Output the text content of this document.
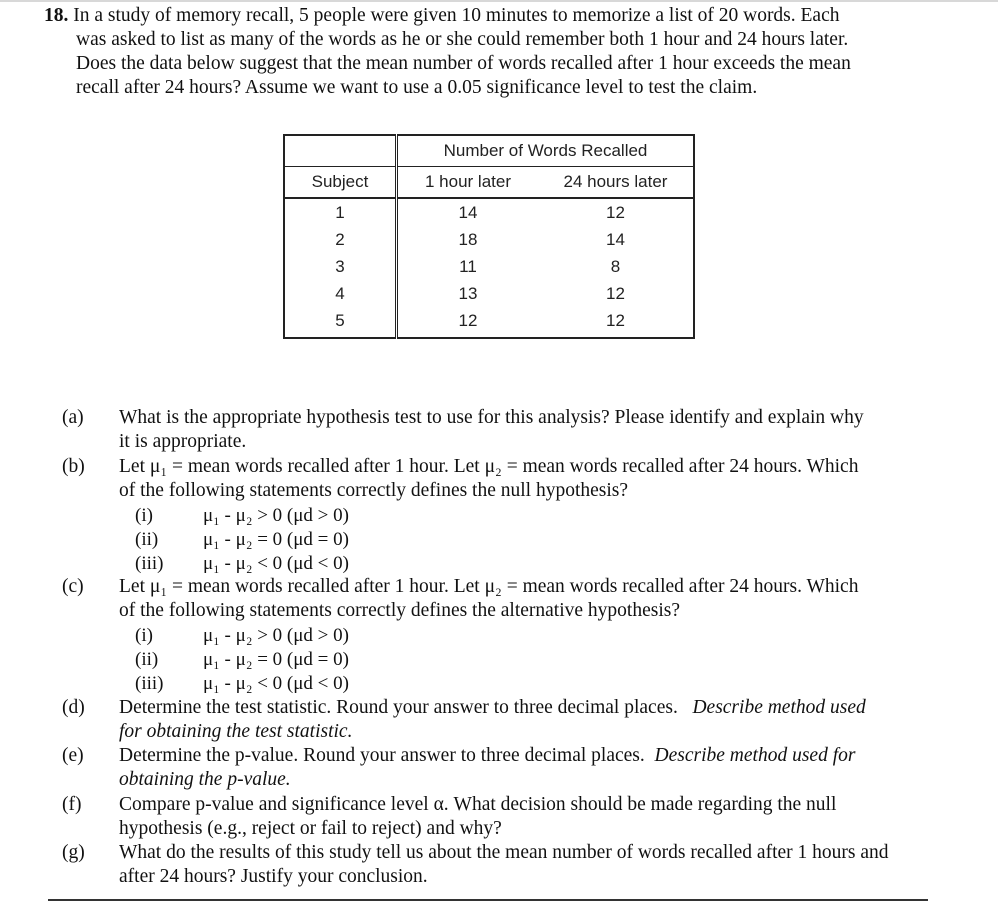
18. In a study of memory recall, 5 people were given 10 minutes to memorize a list of 20 words. Each
was asked to list as many of the words as he or she could remember both 1 hour and 24 hours later.
Does the data below suggest that the mean number of words recalled after 1 hour exceeds the mean
recall after 24 hours? Assume we want to use a 0.05 significance level to test the claim.
	Number of Words Recalled	
Subject	1 hour later	24 hours later
1	14	12
2	18	14
3	11	8
4	13	12
5	12	12
(a) What is the appropriate hypothesis test to use for this analysis? Please identify and explain why
it is appropriate.
(b) Let μ₁ = mean words recalled after 1 hour. Let μ₂ = mean words recalled after 24 hours. Which
of the following statements correctly defines the null hypothesis?
(i)	μ₁ - μ₂ > 0 (μd > 0)
(ii) μ₁ - μ₂ = 0 (μd = 0)
(iii) μ₁ - μ₂ < 0 (μd < 0)
(c) Let μ₁ = mean words recalled after 1 hour. Let μ₂ = mean words recalled after 24 hours. Which
of the following statements correctly defines the alternative hypothesis?
(i)	μ₁ - μ₂ > 0 (μd > 0)
(ii) μ₁ - μ₂ = 0 (μd = 0)
(iii) μ₁ - μ₂ < 0 (μd < 0)
(d) Determine the test statistic. Round your answer to three decimal places. Describe method used
for obtaining the test statistic.
(e) Determine the p-value. Round your answer to three decimal places. Describe method used for
obtaining the p-value.
(f) Compare p-value and significance level α. What decision should be made regarding the null
hypothesis (e.g., reject or fail to reject) and why?
(g) What do the results of this study tell us about the mean number of words recalled after 1 hours and
after 24 hours? Justify your conclusion.
